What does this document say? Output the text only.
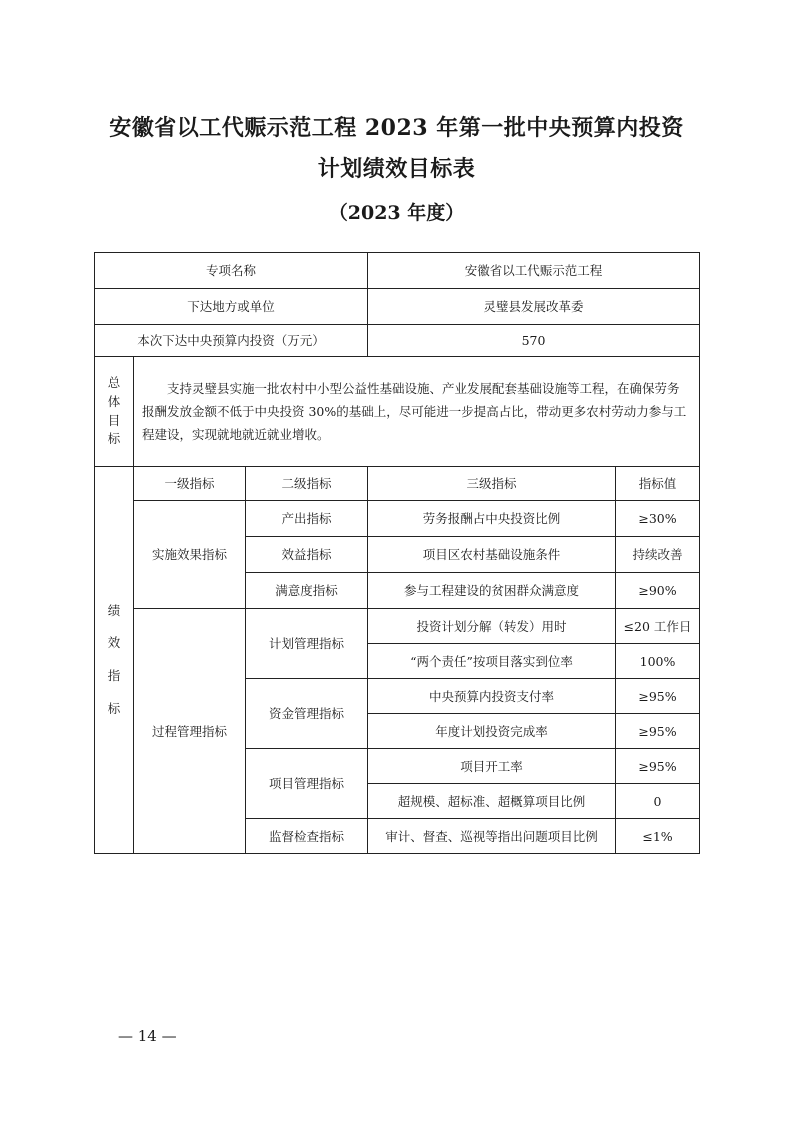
安徽省以工代赈示范工程 2023 年第一批中央预算内投资
计划绩效目标表
（2023 年度）
专项名称			安徽省以工代赈示范工程	
下达地方或单位			灵璧县发展改革委	
本次下达中央预算内投资（万元）			570	

总
体
目
标	支持灵璧县实施一批农村中小型公益性基础设施、产业发展配套基础设施等工程，在确保劳务报酬发放金额不低于中央投资 30%的基础上，尽可能进一步提高占比，带动更多农村劳动力参与工程建设，实现就地就近就业增收。			

绩
效
指
标	一级指标	二级指标	三级指标	指标值
	实施效果指标	产出指标	劳务报酬占中央投资比例	≥30%
		效益指标	项目区农村基础设施条件	持续改善
		满意度指标	参与工程建设的贫困群众满意度	≥90%
	过程管理指标	计划管理指标	投资计划分解（转发）用时	≤20 工作日
			“两个责任”按项目落实到位率	100%
		资金管理指标	中央预算内投资支付率	≥95%
			年度计划投资完成率	≥95%
		项目管理指标	项目开工率	≥95%
			超规模、超标准、超概算项目比例	0
		监督检查指标	审计、督查、巡视等指出问题项目比例	≤1%
— 14 —
